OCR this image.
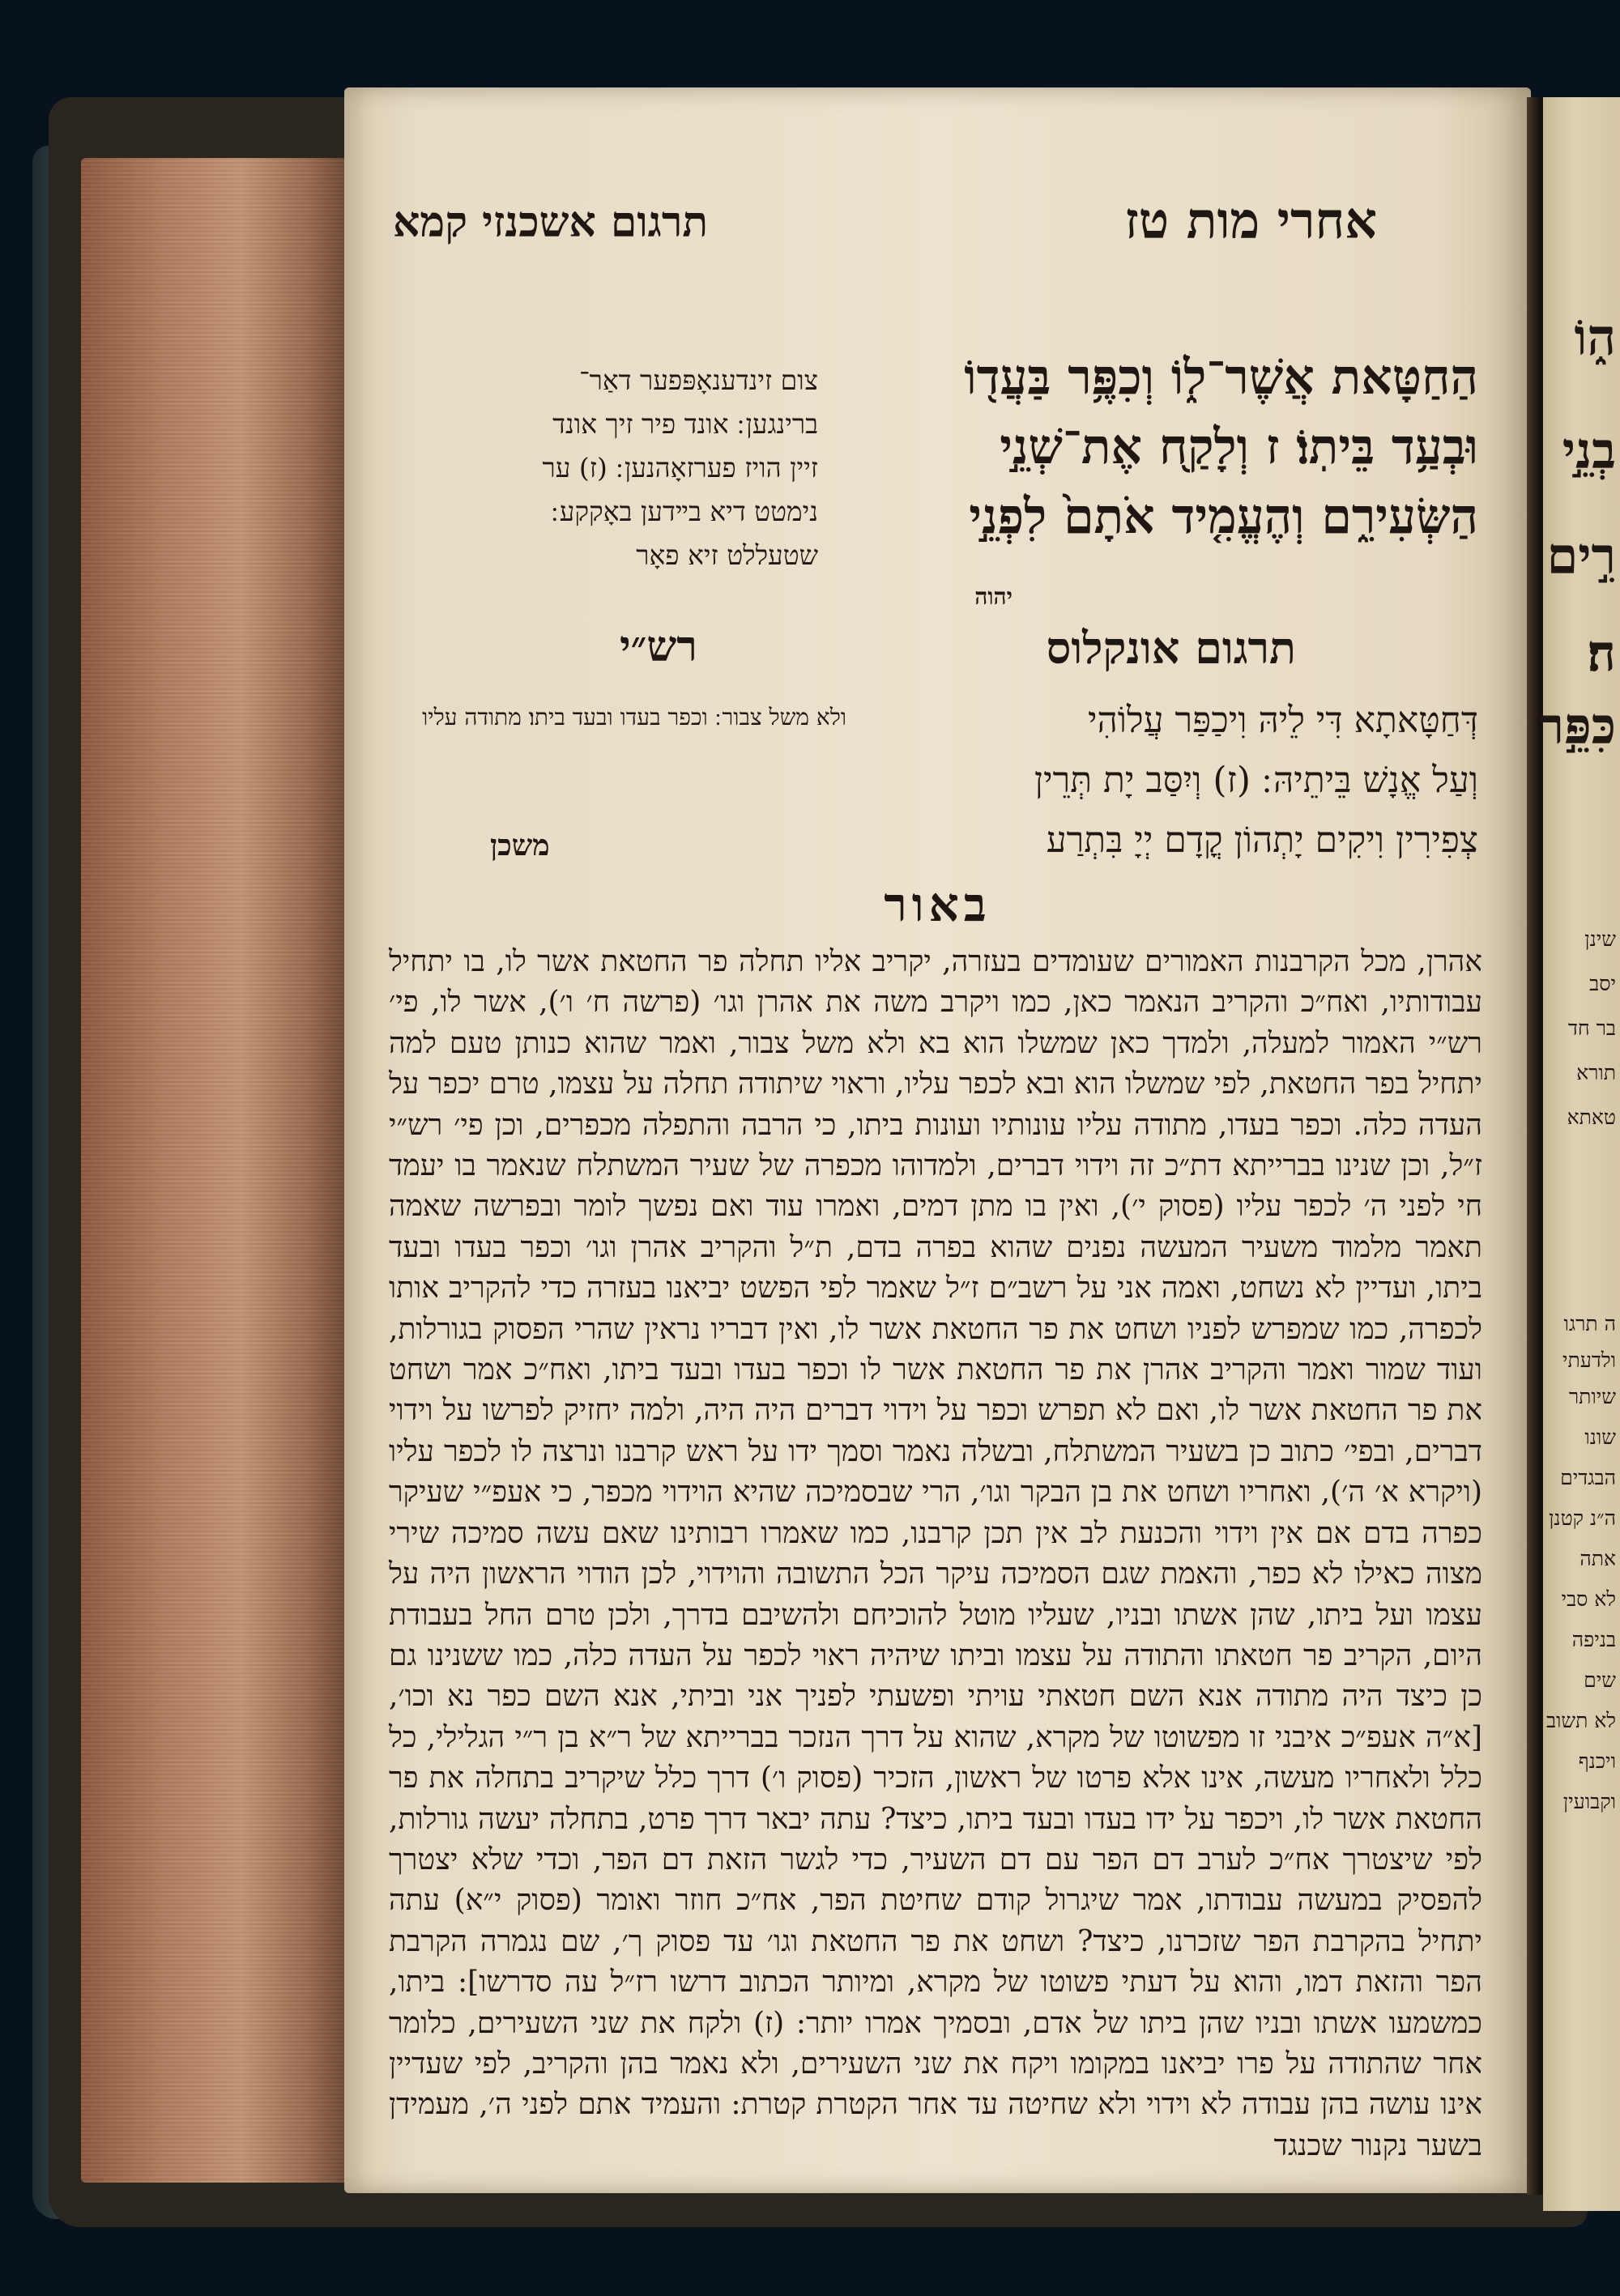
אחרי מות טז
תרגום אשכנזי קמא
הַחַטָּאת אֲשֶׁר־ל֑וֹ וְכִפֶּ֥ר בַּעֲד֖וֹ
וּבְעַ֥ד בֵּיתֽוֹ׃ ז וְלָקַ֖ח אֶת־שְׁנֵ֣י
הַשְּׂעִירִ֑ם וְהֶעֱמִ֤יד אֹתָם֙ לִפְנֵ֣י
יהוה
צום זינדענאָפּפער דאַר־
ברינגען ׃ אונד פיר זיך אונד
זיין הויז פערזאָהנען ׃ (ז) ער
נימטט דיא בײדען באָקקע ׃
שטעללט זיא פאָר
תרגום אונקלוס
דְּחַטָּאתָא דִּי לֵיהּ וִיכַפַּר עֲלוֹהִי
וְעַל אֱנָשׁ בֵּיתֵיהּ ׃ (ז) וְיִסַּב יָת תְּרֵין
צְפִירִין וִיקִים יָתְהוֹן קֳדָם יְיָ בִּתְרַע
רש״י
ולא משל צבור ׃ וכפר בעדו ובעד ביתו׃ מתודה עליו
משכן
באור
אהרן, מכל הקרבנות האמורים שעומדים בעזרה, יקריב אליו תחלה פר החטאת אשר לו, בו יתחיל עבודותיו, ואח״כ והקריב הנאמר כאן, כמו ויקרב משה את אהרן וגו׳ (פרשה ח׳ ו׳), אשר לו, פי׳ רש״י האמור למעלה, ולמדך כאן שמשלו הוא בא ולא משל צבור, ואמר שהוא כנותן טעם למה יתחיל בפר החטאת, לפי שמשלו הוא ובא לכפר עליו, וראוי שיתודה תחלה על עצמו, טרם יכפר על העדה כלה. וכפר בעדו, מתודה עליו עונותיו ועונות ביתו, כי הרבה והתפלה מכפרים, וכן פי׳ רש״י ז״ל, וכן שנינו בברייתא דת״כ זה וידוי דברים, ולמדוהו מכפרה של שעיר המשתלח שנאמר בו יעמד חי לפני ה׳ לכפר עליו (פסוק י׳), ואין בו מתן דמים, ואמרו עוד ואם נפשך לומר ובפרשה שאמה תאמר מלמוד משעיר המעשה נפנים שהוא בפרה בדם, ת״ל והקריב אהרן וגו׳ וכפר בעדו ובעד ביתו, ועדיין לא נשחט, ואמה אני על רשב״ם ז״ל שאמר לפי הפשט יביאנו בעזרה כדי להקריב אותו לכפרה, כמו שמפרש לפניו ושחט את פר החטאת אשר לו, ואין דבריו נראין שהרי הפסוק בגורלות, ועוד שמור ואמר והקריב אהרן את פר החטאת אשר לו וכפר בעדו ובעד ביתו, ואח״כ אמר ושחט את פר החטאת אשר לו, ואם לא תפרש וכפר על וידוי דברים היה היה, ולמה יחזיק לפרשו על וידוי דברים, ובפי׳ כתוב כן בשעיר המשתלח, ובשלה נאמר וסמך ידו על ראש קרבנו ונרצה לו לכפר עליו (ויקרא א׳ ה׳), ואחריו ושחט את בן הבקר וגו׳, הרי שבסמיכה שהיא הוידוי מכפר, כי אעפ״י שעיקר כפרה בדם אם אין וידוי והכנעת לב אין תכן קרבנו, כמו שאמרו רבותינו שאם עשה סמיכה שירי מצוה כאילו לא כפר, והאמת שגם הסמיכה עיקר הכל התשובה והוידוי, לכן הודוי הראשון היה על עצמו ועל ביתו, שהן אשתו ובניו, שעליו מוטל להוכיחם ולהשיבם בדרך, ולכן טרם החל בעבודת היום, הקריב פר חטאתו והתודה על עצמו וביתו שיהיה ראוי לכפר על העדה כלה, כמו ששנינו גם כן כיצד היה מתודה אנא השם חטאתי עויתי ופשעתי לפניך אני וביתי, אנא השם כפר נא וכו׳, [א״ה אעפ״כ איבני זו מפשוטו של מקרא, שהוא על דרך הנזכר בברייתא של ר״א בן ר״י הגלילי, כל כלל ולאחריו מעשה, אינו אלא פרטו של ראשון, הזכיר (פסוק ו׳) דרך כלל שיקריב בתחלה את פר החטאת אשר לו, ויכפר על ידו בעדו ובעד ביתו, כיצד? עתה יבאר דרך פרט, בתחלה יעשה גורלות, לפי שיצטרך אח״כ לערב דם הפר עם דם השעיר, כדי לגשר הזאת דם הפר, וכדי שלא יצטרך להפסיק במעשה עבודתו, אמר שיגרול קודם שחיטת הפר, אח״כ חוזר ואומר (פסוק י״א) עתה יתחיל בהקרבת הפר שזכרנו, כיצד? ושחט את פר החטאת וגו׳ עד פסוק ך׳, שם נגמרה הקרבת הפר והזאת דמו, והוא על דעתי פשוטו של מקרא, ומיותר הכתוב דרשו רז״ל עה סדרשו]: ביתו, כמשמעו אשתו ובניו שהן ביתו של אדם, ובסמיך אמרו יותר: (ז) ולקח את שני השעירים, כלומר אחר שהתודה על פרו יביאנו במקומו ויקח את שני השעירים, ולא נאמר בהן והקריב, לפי שעדיין אינו עושה בהן עבודה לא וידוי ולא שחיטה עד אחר הקטרת קטרת: והעמיד אתם לפני ה׳, מעמידן בשער נקנור שכנגד
ה֑וֹ
בְנֵ֣י
רִ֣ים
ה׃
כִּפֵּ֣ר
שינן
יסב
בר חד
תורא
טאתא
ה תרגו
ולדעתי
שיותר
שונו
הבגדים
ה״נ קטנן
אתה
לא סבי
בניפה
שים
לא תשוב
ויכנף
וקבועין
